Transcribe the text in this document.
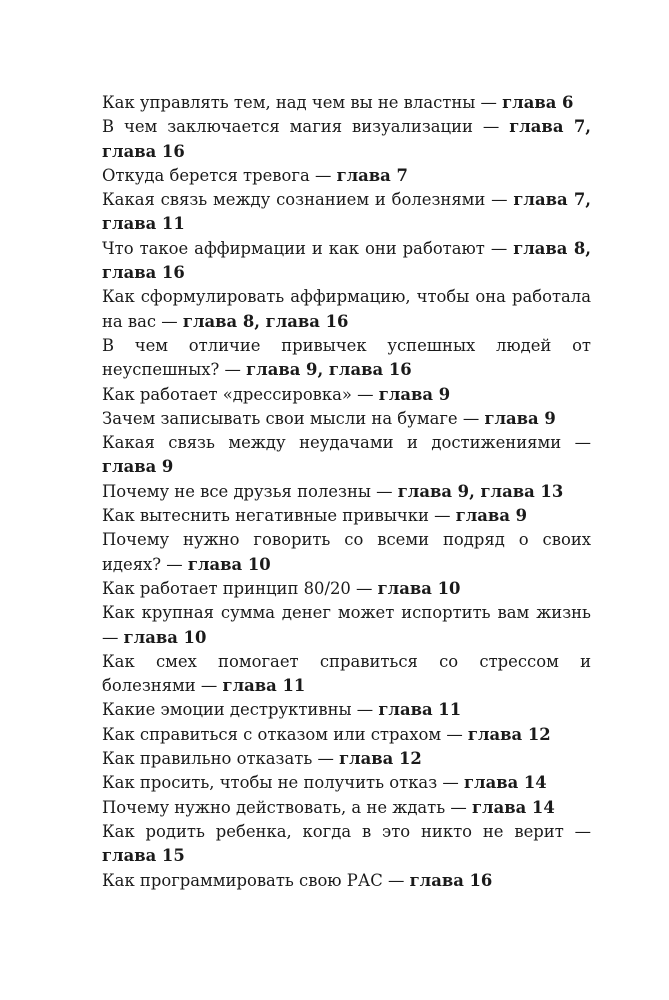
Как управлять тем, над чем вы не властны — глава 6

В чем заключается магия визуализации — глава 7, глава 16

Откуда берется тревога — глава 7

Какая связь между сознанием и болезнями — глава 7, глава 11

Что такое аффирмации и как они работают — глава 8, глава 16

Как сформулировать аффирмацию, чтобы она работала на вас — глава 8, глава 16

В чем отличие привычек успешных людей от неуспешных? — глава 9, глава 16

Как работает «дрессировка» — глава 9

Зачем записывать свои мысли на бумаге — глава 9

Какая связь между неудачами и достижениями — глава 9

Почему не все друзья полезны — глава 9, глава 13

Как вытеснить негативные привычки — глава 9

Почему нужно говорить со всеми подряд о своих идеях? — глава 10

Как работает принцип 80/20 — глава 10

Как крупная сумма денег может испортить вам жизнь — глава 10

Как смех помогает справиться со стрессом и болезнями — глава 11

Какие эмоции деструктивны — глава 11

Как справиться с отказом или страхом — глава 12

Как правильно отказать — глава 12

Как просить, чтобы не получить отказ — глава 14

Почему нужно действовать, а не ждать — глава 14

Как родить ребенка, когда в это никто не верит — глава 15

Как программировать свою РАС — глава 16
